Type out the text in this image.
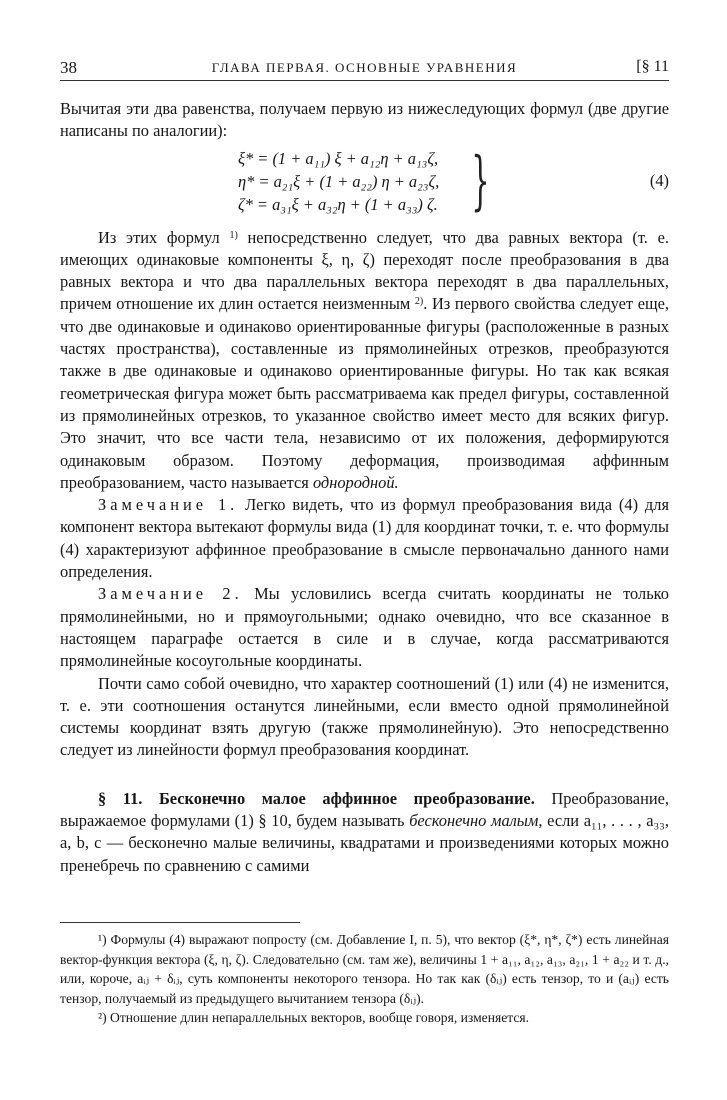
38	ГЛАВА ПЕРВАЯ. ОСНОВНЫЕ УРАВНЕНИЯ	[§ 11

Вычитая эти два равенства, получаем первую из нижеследующих формул (две другие написаны по аналогии):

ξ* = (1 + a₁₁) ξ + a₁₂η + a₁₃ζ,
η* = a₂₁ξ + (1 + a₂₂) η + a₂₃ζ,
ζ* = a₃₁ξ + a₃₂η + (1 + a₃₃) ζ. }	(4)

Из этих формул $^{1)}$ непосредственно следует, что два равных вектора (т. е. имеющих одинаковые компоненты ξ, η, ζ) переходят после преобразования в два равных вектора и что два параллельных вектора переходят в два параллельных, причем отношение их длин остается неизменным $^{2)}$. Из первого свойства следует еще, что две одинаковые и одинаково ориентированные фигуры (расположенные в разных частях пространства), составленные из прямолинейных отрезков, преобразуются также в две одинаковые и одинаково ориентированные фигуры. Но так как всякая геометрическая фигура может быть рассматриваема как предел фигуры, составленной из прямолинейных отрезков, то указанное свойство имеет место для всяких фигур. Это значит, что все части тела, независимо от их положения, деформируются одинаковым образом. Поэтому деформация, производимая аффинным преобразованием, часто называется однородной.

Замечание 1. Легко видеть, что из формул преобразования вида (4) для компонент вектора вытекают формулы вида (1) для координат точки, т. е. что формулы (4) характеризуют аффинное преобразование в смысле первоначально данного нами определения.

Замечание 2. Мы условились всегда считать координаты не только прямолинейными, но и прямоугольными; однако очевидно, что все сказанное в настоящем параграфе остается в силе и в случае, когда рассматриваются прямолинейные косоугольные координаты.

Почти само собой очевидно, что характер соотношений (1) или (4) не изменится, т. е. эти соотношения останутся линейными, если вместо одной прямолинейной системы координат взять другую (также прямолинейную). Это непосредственно следует из линейности формул преобразования координат.

§ 11. Бесконечно малое аффинное преобразование. Преобразование, выражаемое формулами (1) § 10, будем называть бесконечно малым, если a₁₁, . . . , a₃₃, a, b, c — бесконечно малые величины, квадратами и произведениями которых можно пренебречь по сравнению с самими

¹) Формулы (4) выражают попросту (см. Добавление I, п. 5), что вектор (ξ*, η*, ζ*) есть линейная вектор-функция вектора (ξ, η, ζ). Следовательно (см. там же), величины 1 + a₁₁, a₁₂, a₁₃, a₂₁, 1 + a₂₂ и т. д., или, короче, aᵢⱼ + δᵢⱼ, суть компоненты некоторого тензора. Но так как (δᵢⱼ) есть тензор, то и (aᵢⱼ) есть тензор, получаемый из предыдущего вычитанием тензора (δᵢⱼ).

²) Отношение длин непараллельных векторов, вообще говоря, изменяется.
